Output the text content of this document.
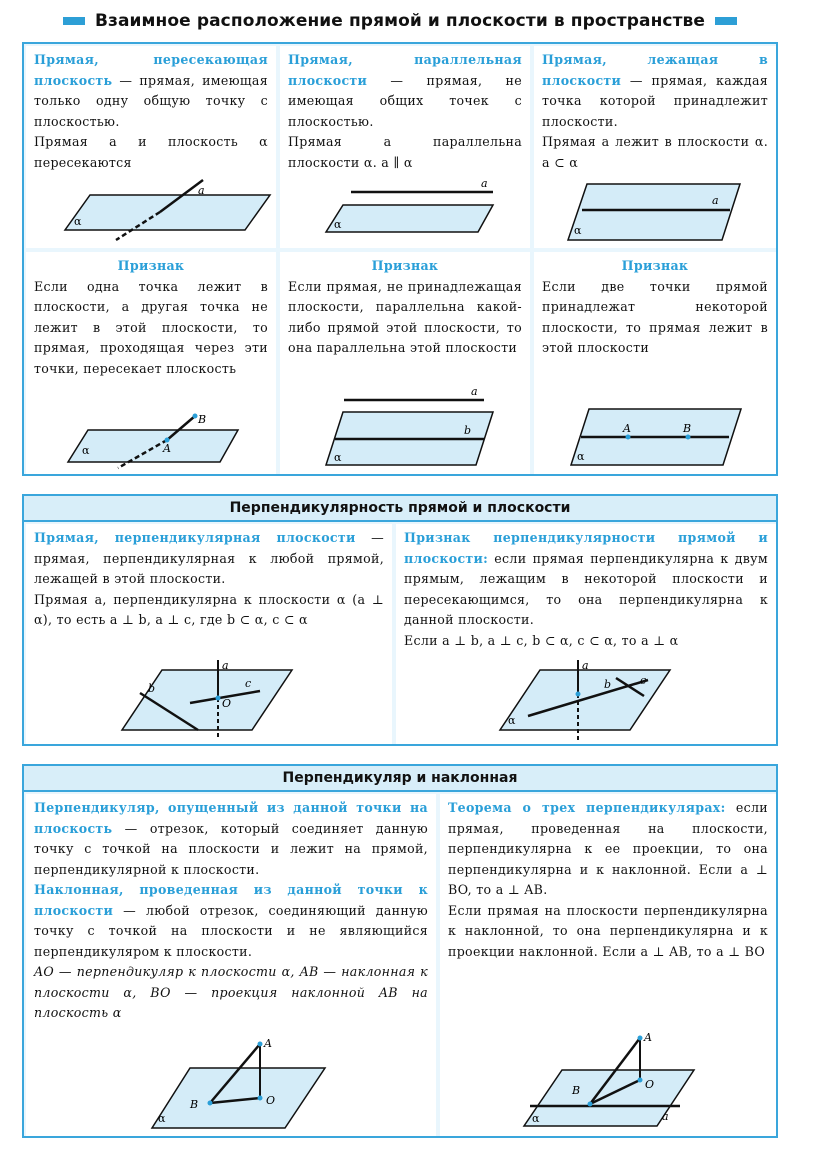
Взаимное расположение прямой и плоскости в пространстве

Прямая, пересекающая плоскость — прямая, имеющая только одну общую точку с плоскостью.

Прямая a и плоскость α пересекаются

Прямая, параллельная плоскости — прямая, не имеющая общих точек с плоскостью.

Прямая a параллельна плоскости α. a ∥ α

Прямая, лежащая в плоскости — прямая, каждая точка которой принадлежит плоскости.

Прямая a лежит в плоскости α. a ⊂ α

Признак

Если одна точка лежит в плоскости, а другая точка не лежит в этой плоскости, то прямая, проходящая через эти точки, пересекает плоскость

Признак

Если прямая, не принадлежащая плоскости, параллельна какой-либо прямой этой плоскости, то она параллельна этой плоскости

Признак

Если две точки прямой принадлежат некоторой плоскости, то прямая лежит в этой плоскости

a
α
a
α
a
α
B
A
α
a
b
α
A	B
α
Перпендикулярность прямой и плоскости

Прямая, перпендикулярная плоскости — прямая, перпендикулярная к любой прямой, лежащей в этой плоскости.

Прямая a, перпендикулярна к плоскости α (a ⊥ α), то есть a ⊥ b, a ⊥ c, где b ⊂ α, c ⊂ α

Признак перпендикулярности прямой и плоскости: если прямая перпендикулярна к двум прямым, лежащим в некоторой плоскости и пересекающимся, то она перпендикулярна к данной плоскости.

Если a ⊥ b, a ⊥ c, b ⊂ α, c ⊂ α, то a ⊥ α

a
b	c
O
a
b	c
α
Перпендикуляр и наклонная

Перпендикуляр, опущенный из данной точки на плоскость — отрезок, который соединяет данную точку с точкой на плоскости и лежит на прямой, перпендикулярной к плоскости.

Наклонная, проведенная из данной точки к плоскости — любой отрезок, соединяющий данную точку с точкой на плоскости и не являющийся перпендикуляром к плоскости.

AO — перпендикуляр к плоскости α, AB — наклонная к плоскости α, BO — проекция наклонной AB на плоскость α

Теорема о трех перпендикулярах: если прямая, проведенная на плоскости, перпендикулярна к ее проекции, то она перпендикулярна и к наклонной. Если a ⊥ BO, то a ⊥ AB.

Если прямая на плоскости перпендикулярна к наклонной, то она перпендикулярна и к проекции наклонной. Если a ⊥ AB, то a ⊥ BO

A
B	O
α
A
B	O
a
α
